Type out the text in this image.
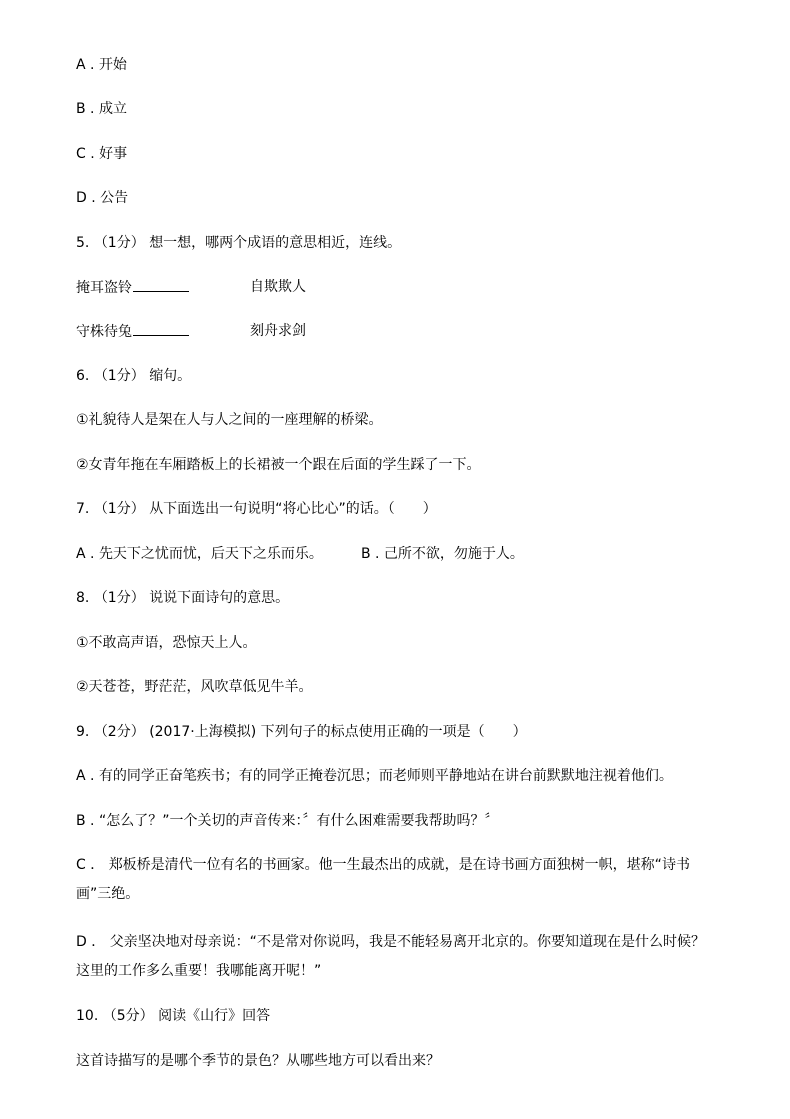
A . 开始
B . 成立
C . 好事
D . 公告
5. （1分） 想一想，哪两个成语的意思相近，连线。
掩耳盗铃	自欺欺人
守株待兔	刻舟求剑
6. （1分） 缩句。
①礼貌待人是架在人与人之间的一座理解的桥梁。
②女青年拖在车厢踏板上的长裙被一个跟在后面的学生踩了一下。
7. （1分） 从下面选出一句说明“将心比心”的话。（　　）
A . 先天下之忧而忧，后天下之乐而乐。	B . 己所不欲，勿施于人。
8. （1分） 说说下面诗句的意思。
①不敢高声语，恐惊天上人。
②天苍苍，野茫茫，风吹草低见牛羊。
9. （2分） (2017·上海模拟) 下列句子的标点使用正确的一项是（　　）
A . 有的同学正奋笔疾书；有的同学正掩卷沉思；而老师则平静地站在讲台前默默地注视着他们。
B . “怎么了？”一个关切的声音传来：〞有什么困难需要我帮助吗？〞
C ． 郑板桥是清代一位有名的书画家。他一生最杰出的成就，是在诗书画方面独树一帜，堪称“诗书画”三绝。
D ． 父亲坚决地对母亲说：“不是常对你说吗，我是不能轻易离开北京的。你要知道现在是什么时候？这里的工作多么重要！我哪能离开呢！”
10. （5分） 阅读《山行》回答
这首诗描写的是哪个季节的景色？从哪些地方可以看出来？
